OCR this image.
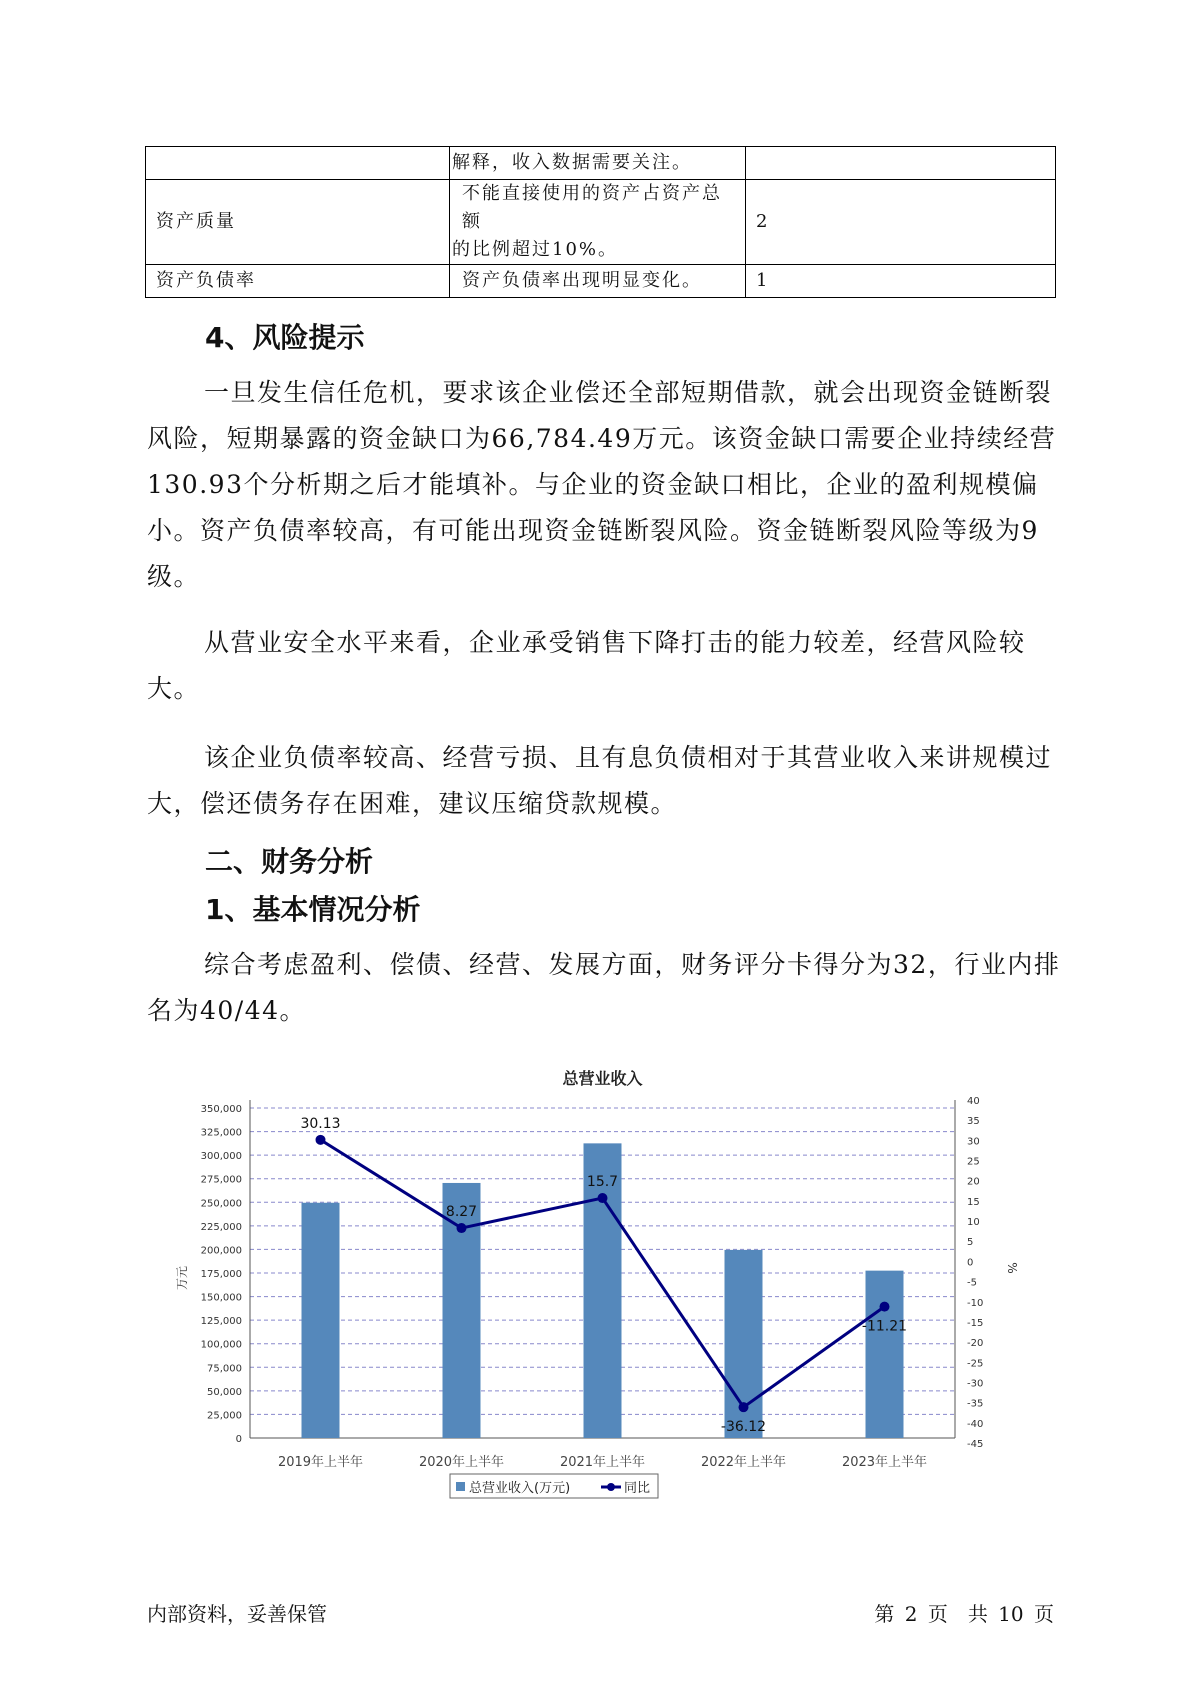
	解释，收入数据需要关注。	
资产质量	不能直接使用的资产占资产总额
的比例超过10%。	2
资产负债率	资产负债率出现明显变化。	1
4、风险提示

一旦发生信任危机，要求该企业偿还全部短期借款，就会出现资金链断裂风险，短期暴露的资金缺口为66,784.49万元。该资金缺口需要企业持续经营 130.93个分析期之后才能填补。与企业的资金缺口相比，企业的盈利规模偏小。资产负债率较高，有可能出现资金链断裂风险。资金链断裂风险等级为9级。

从营业安全水平来看，企业承受销售下降打击的能力较差，经营风险较大。

该企业负债率较高、经营亏损、且有息负债相对于其营业收入来讲规模过大，偿还债务存在困难，建议压缩贷款规模。

二、财务分析
1、基本情况分析

综合考虑盈利、偿债、经营、发展方面，财务评分卡得分为32，行业内排名为40/44。

总营业收入
0
25,000
50,000
75,000
100,000
125,000
150,000
175,000
200,000
225,000
250,000
275,000
300,000
325,000
350,000
-45
-40
-35
-30
-25
-20
-15
-10
-5
0
5
10
15
20
25
30
35
40
万元	%
2019年上半年	2020年上半年	2021年上半年	2022年上半年	2023年上半年
30.13
8.27
15.7
-36.12
-11.21
总营业收入(万元)	同比
内部资料，妥善保管	第 2 页　共 10 页
